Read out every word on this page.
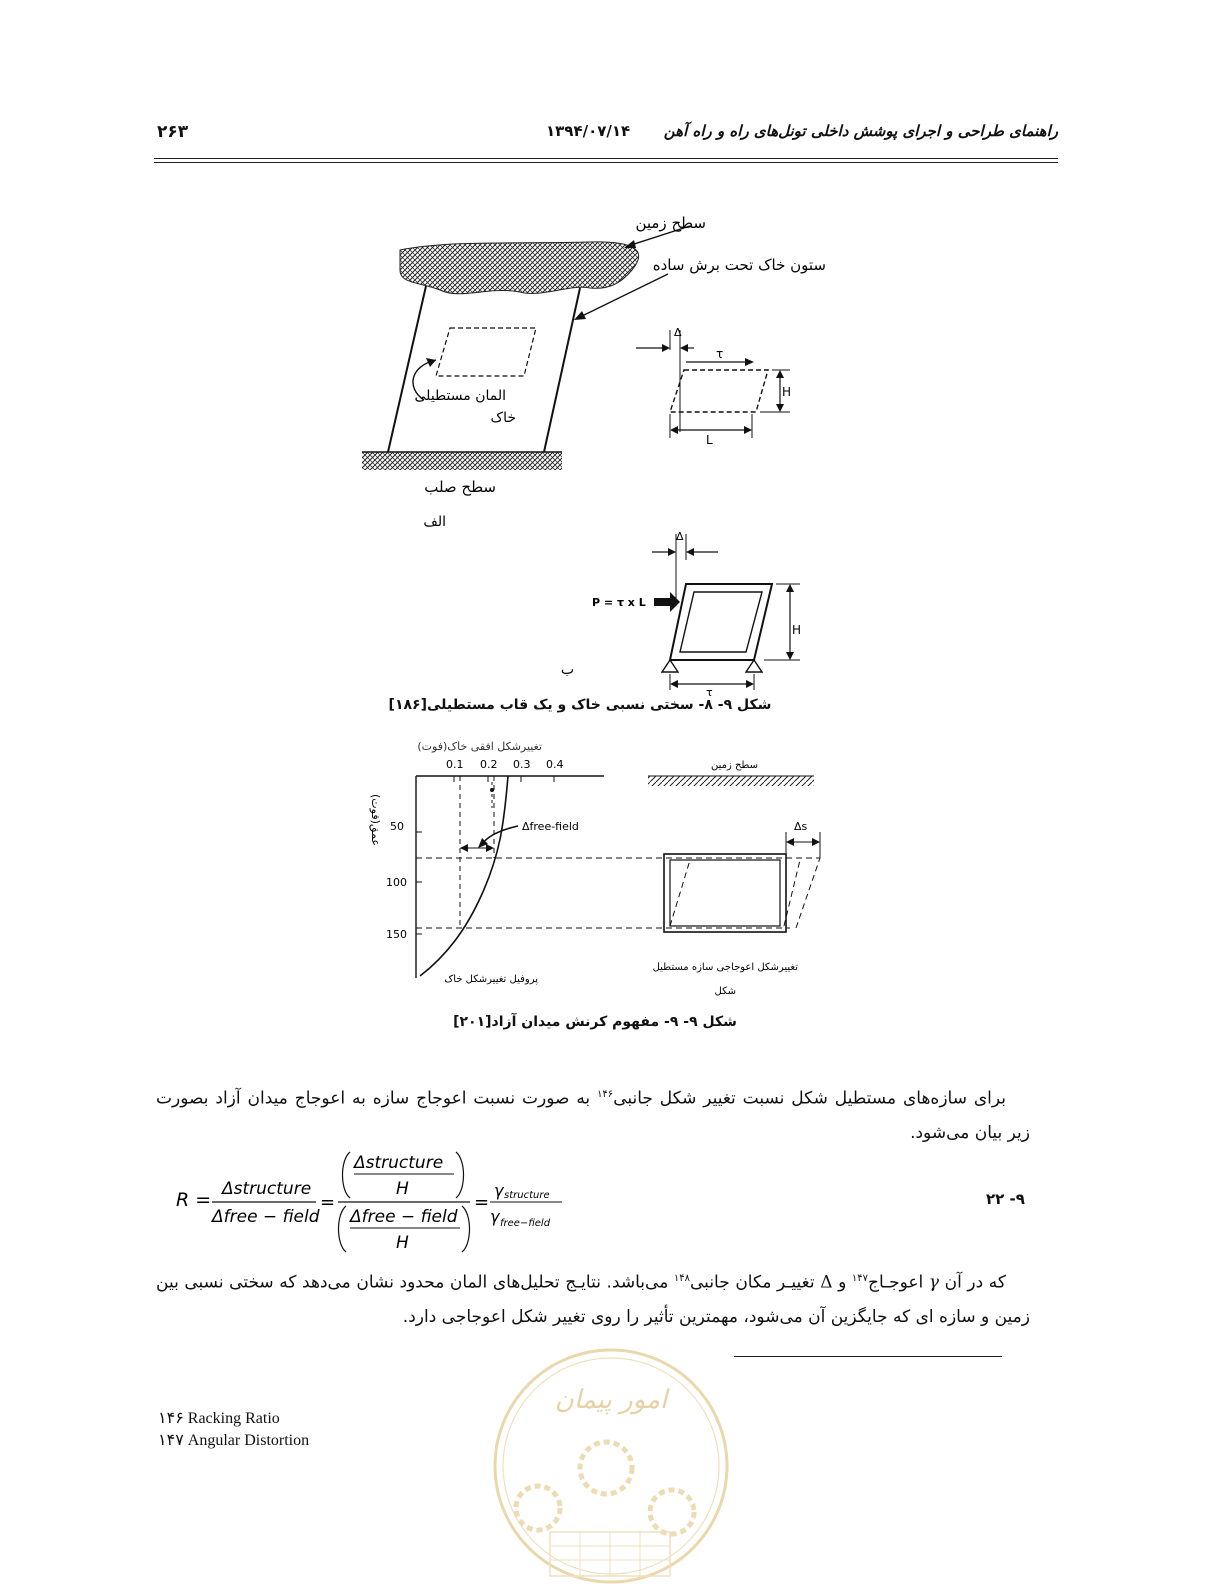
راهنمای طراحی و اجرای پوشش داخلی تونل‌های راه و راه آهن
۱۳۹۴/۰۷/۱۴
۲۶۳
سطح زمین
ستون خاک تحت برش ساده
المان مستطیلی
خاک
سطح صلب
الف
Δ
τ
H
L
Δ
P = τ x L
H
τ
ب
شکل ۹- ۸- سختی نسبی خاک و یک قاب مستطیلی[۱۸۶]
تغییرشکل افقی خاک(فوت)
0.1 0.2 0.3 0.4
50
100
150
عمق(فوت)	Δfree-field
سطح زمین
Δs
پروفیل تغییرشکل خاک
تغییرشکل اعوجاجی سازه مستطیل
شکل
شکل ۹- ۹- مفهوم کرنش میدان آزاد[۲۰۱]
برای سازه‌های مستطیل شکل نسبت تغییر شکل جانبی$^{۱۴۶}$ به صورت نسبت اعوجاج سازه به اعوجاج میدان آزاد بصورت زیر بیان می‌شود.
R = Δstructure
Δfree − field
=
Δstructure
H
Δfree − field
H
=
γ structure
γ free−field
۹- ۲۲
که در آن γ اعوجـاج$^{۱۴۷}$ و Δ تغییـر مکان جانبی$^{۱۴۸}$ می‌باشد. نتایـج تحلیل‌های المان محدود نشان می‌دهد که سختی نسبی بین زمین و سازه ای که جایگزین آن می‌شود، مهمترین تأثیر را روی تغییر شکل اعوجاجی دارد.
امور پیمان
۱۴۶ Racking Ratio
۱۴۷ Angular Distortion
